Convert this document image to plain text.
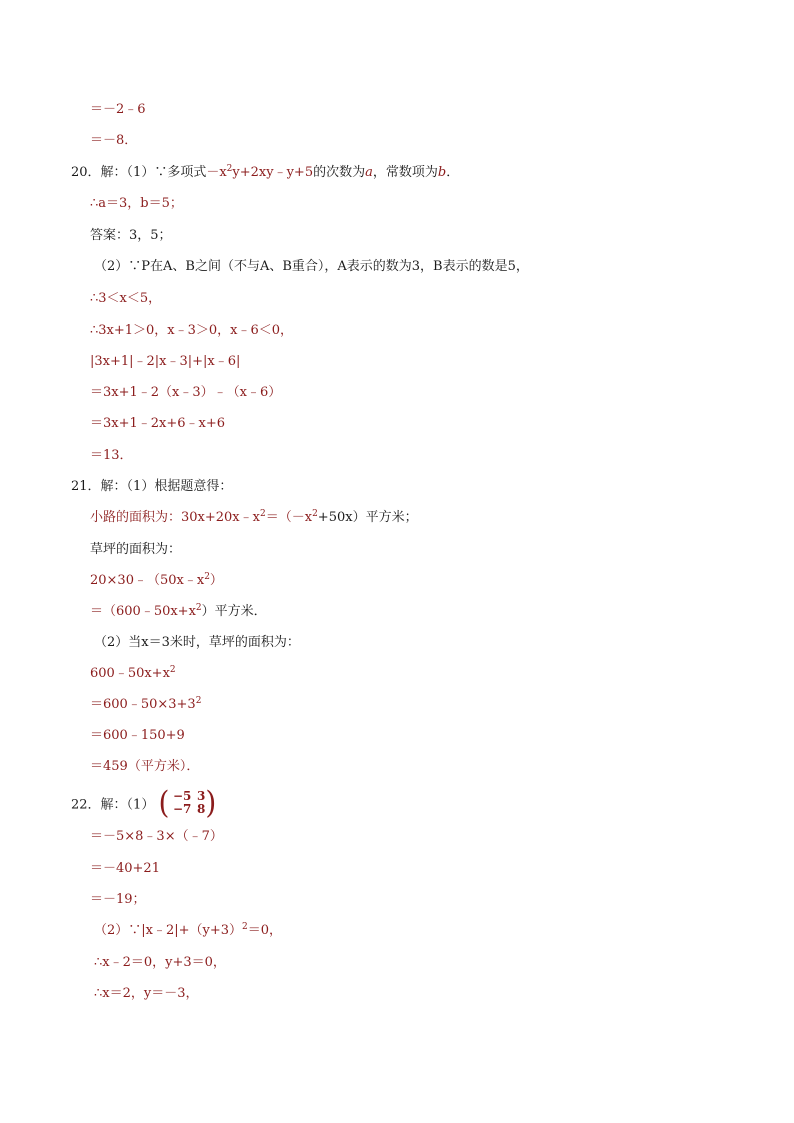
＝－2﹣6
＝－8．
20．解：（1）∵多项式$-x^2y+2xy﹣y+5$的次数为a，常数项为b．
∴a＝3，b＝5；
答案：3，5；
（2）∵P在A、B之间（不与A、B重合），A表示的数为3，B表示的数是5，
∴3＜x＜5，
∴3x+1＞0，x﹣3＞0，x﹣6＜0，
|3x+1|﹣2|x﹣3|+|x﹣6|
＝3x+1﹣2（x﹣3）﹣（x﹣6）
＝3x+1﹣2x+6﹣x+6
＝13．
21．解：（1）根据题意得：
小路的面积为：$30x+20x﹣x^2=(-x^2+50x)$平方米；
草坪的面积为：
$20\times 30﹣(50x﹣x^2)$
$=(600﹣50x+x^2)$平方米．
（2）当x＝3米时，草坪的面积为：
$600﹣50x+x^2$
$=600﹣50\times 3+3^2$
＝600﹣150+9
＝459（平方米）．
22．解：（1） ( −5 3
−7 8 )
＝－5×8﹣3×（﹣7）
＝－40+21
＝－19；
$(2)\because|x﹣2|+(y+3)^2=0$，
∴x﹣2＝0，y+3＝0，
∴x＝2，y＝－3，
